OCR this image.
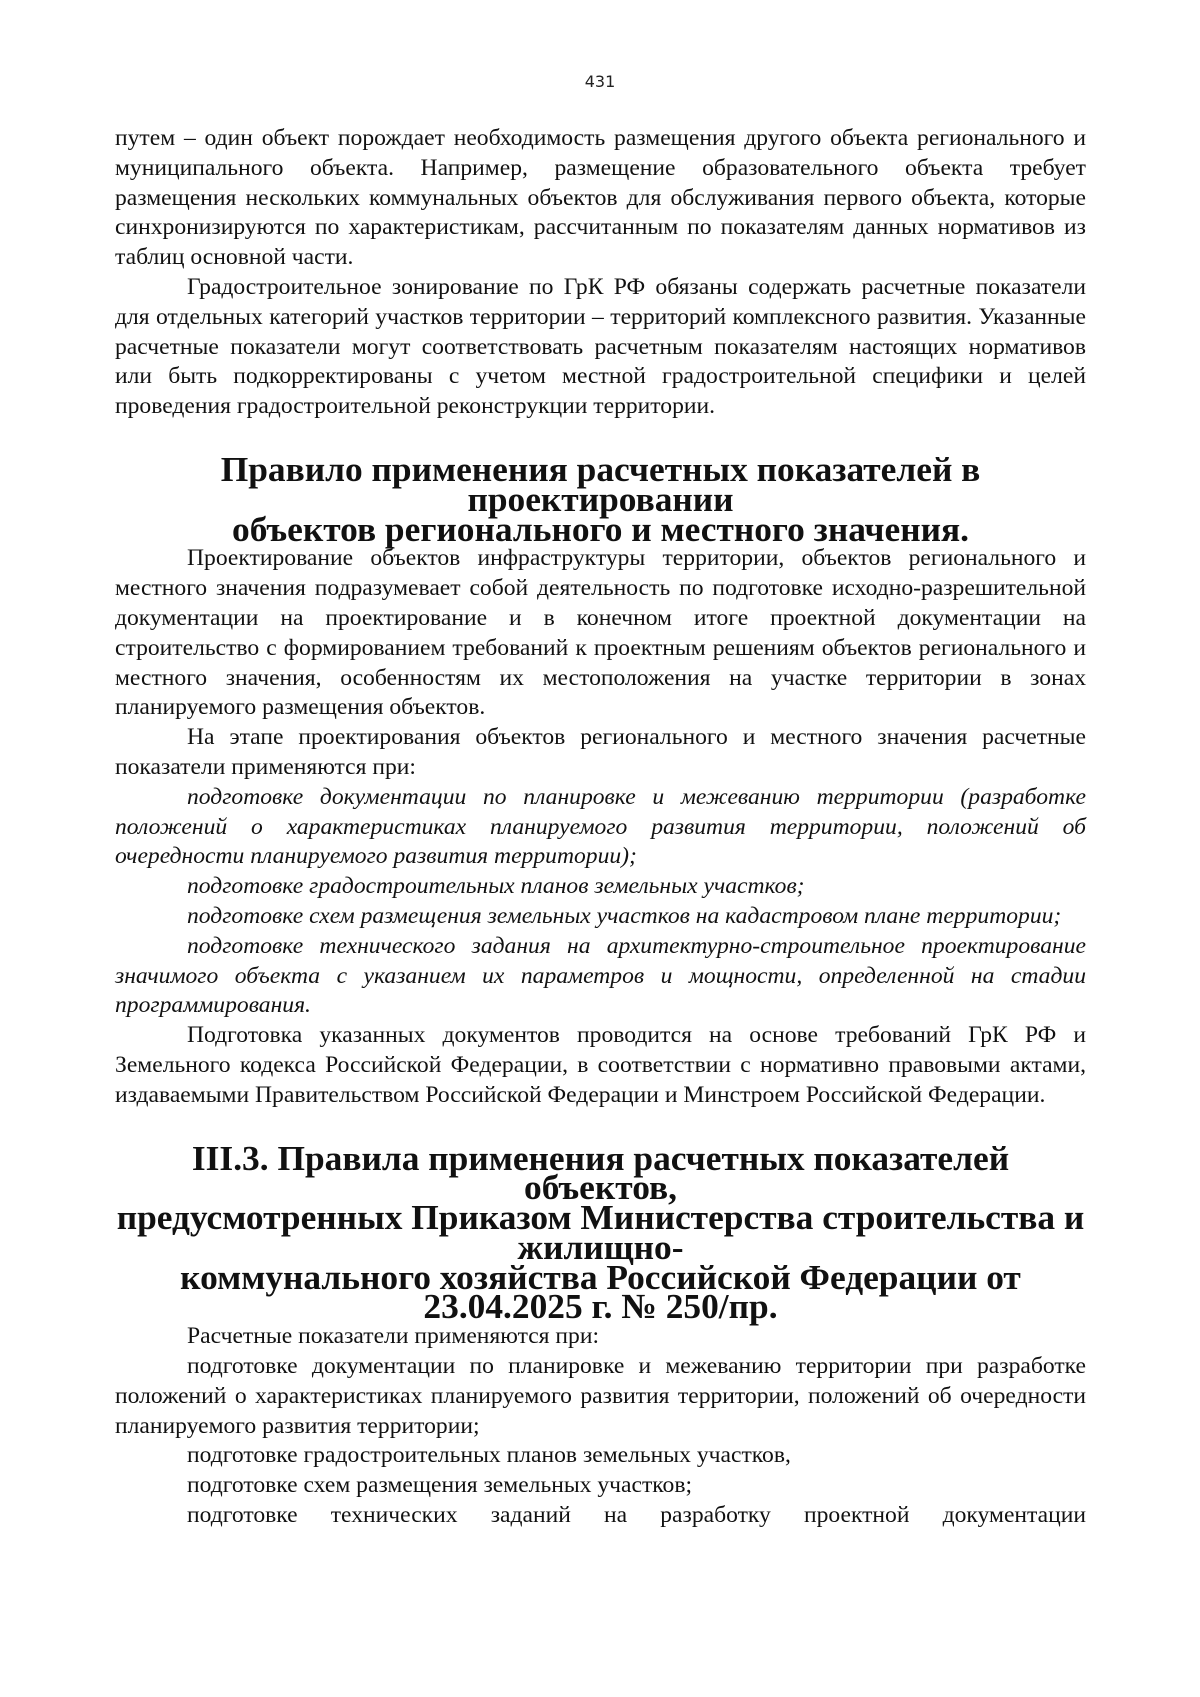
431

путем – один объект порождает необходимость размещения другого объекта регионального и муниципального объекта. Например, размещение образовательного объекта требует размещения нескольких коммунальных объектов для обслуживания первого объекта, которые синхронизируются по характеристикам, рассчитанным по показателям данных нормативов из таблиц основной части.

Градостроительное зонирование по ГрК РФ обязаны содержать расчетные показатели для отдельных категорий участков территории – территорий комплексного развития. Указанные расчетные показатели могут соответствовать расчетным показателям настоящих нормативов или быть подкорректированы с учетом местной градостроительной специфики и целей проведения градостроительной реконструкции территории.

Правило применения расчетных показателей в проектировании
объектов регионального и местного значения.

Проектирование объектов инфраструктуры территории, объектов регионального и местного значения подразумевает собой деятельность по подготовке исходно-разрешительной документации на проектирование и в конечном итоге проектной документации на строительство с формированием требований к проектным решениям объектов регионального и местного значения, особенностям их местоположения на участке территории в зонах планируемого размещения объектов.

На этапе проектирования объектов регионального и местного значения расчетные показатели применяются при:

подготовке документации по планировке и межеванию территории (разработке положений о характеристиках планируемого развития территории, положений об очередности планируемого развития территории);

подготовке градостроительных планов земельных участков;

подготовке схем размещения земельных участков на кадастровом плане территории;

подготовке технического задания на архитектурно-строительное проектирование значимого объекта с указанием их параметров и мощности, определенной на стадии программирования.

Подготовка указанных документов проводится на основе требований ГрК РФ и Земельного кодекса Российской Федерации, в соответствии с нормативно правовыми актами, издаваемыми Правительством Российской Федерации и Минстроем Российской Федерации.

III.3. Правила применения расчетных показателей объектов,
предусмотренных Приказом Министерства строительства и жилищно-
коммунального хозяйства Российской Федерации от 23.04.2025 г. № 250/пр.

Расчетные показатели применяются при:

подготовке документации по планировке и межеванию территории при разработке положений о характеристиках планируемого развития территории, положений об очередности планируемого развития территории;

подготовке градостроительных планов земельных участков,

подготовке схем размещения земельных участков;

подготовке технических заданий на разработку проектной документации
